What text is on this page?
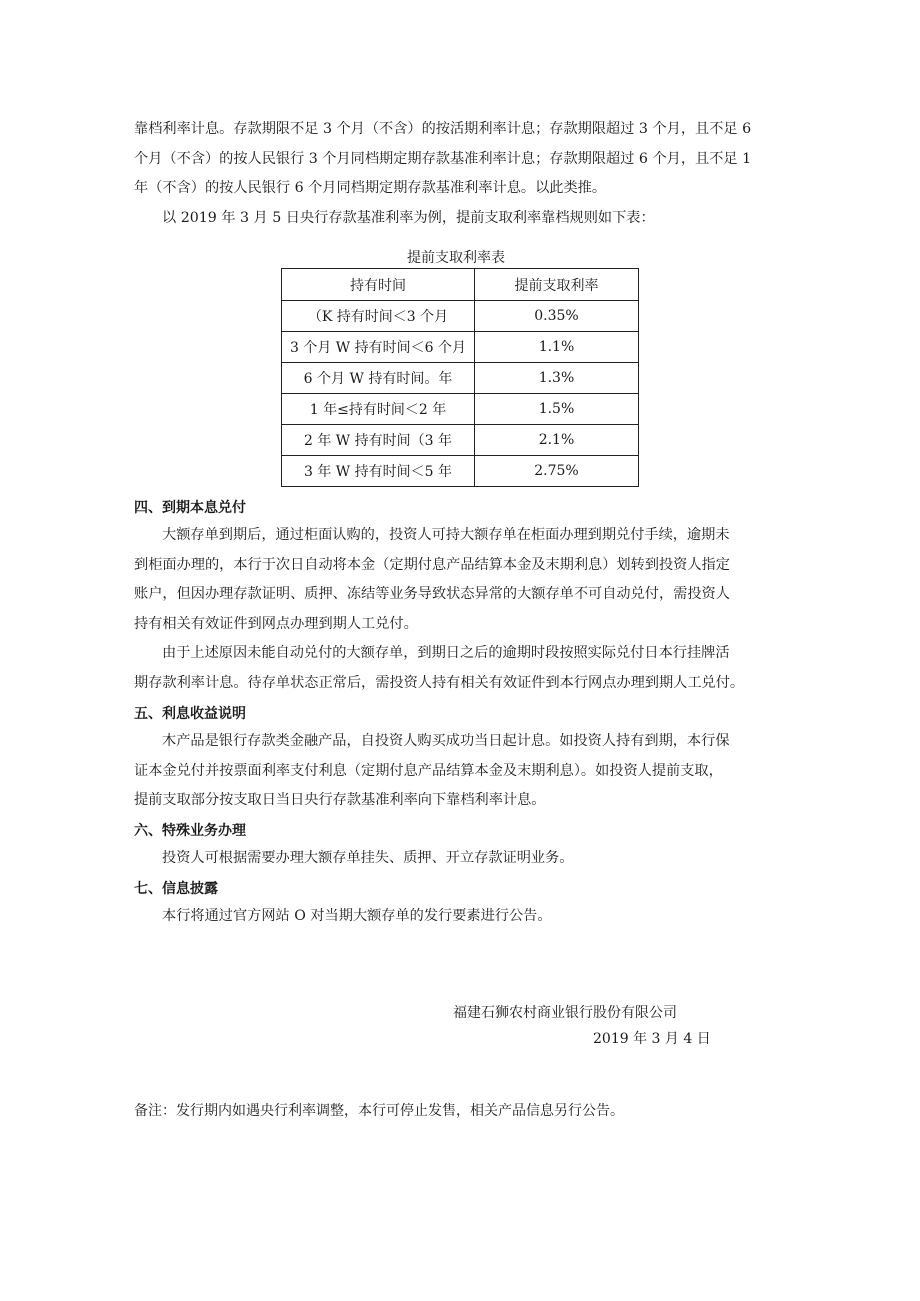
靠档利率计息。存款期限不足 3 个月（不含）的按活期利率计息；存款期限超过 3 个月，且不足 6

个月（不含）的按人民银行 3 个月同档期定期存款基准利率计息；存款期限超过 6 个月，且不足 1

年（不含）的按人民银行 6 个月同档期定期存款基准利率计息。以此类推。

以 2019 年 3 月 5 日央行存款基准利率为例，提前支取利率靠档规则如下表：

提前支取利率表
持有时间	提前支取利率
（K 持有时间＜3 个月	0.35%
3 个月 W 持有时间＜6 个月	1.1%
6 个月 W 持有时间。年	1.3%
1 年≤持有时间＜2 年	1.5%
2 年 W 持有时间（3 年	2.1%
3 年 W 持有时间＜5 年	2.75%
四、到期本息兑付

大额存单到期后，通过柜面认购的，投资人可持大额存单在柜面办理到期兑付手续，逾期未

到柜面办理的，本行于次日自动将本金（定期付息产品结算本金及末期利息）划转到投资人指定

账户，但因办理存款证明、质押、冻结等业务导致状态异常的大额存单不可自动兑付，需投资人

持有相关有效证件到网点办理到期人工兑付。

由于上述原因未能自动兑付的大额存单，到期日之后的逾期时段按照实际兑付日本行挂牌活

期存款利率计息。待存单状态正常后，需投资人持有相关有效证件到本行网点办理到期人工兑付。

五、利息收益说明

木产品是银行存款类金融产品，自投资人购买成功当日起计息。如投资人持有到期，本行保

证本金兑付并按票面利率支付利息（定期付息产品结算本金及末期利息）。如投资人提前支取，

提前支取部分按支取日当日央行存款基准利率向下靠档利率计息。

六、特殊业务办理

投资人可根据需要办理大额存单挂失、质押、开立存款证明业务。

七、信息披露

本行将通过官方网站 O 对当期大额存单的发行要素进行公告。

福建石狮农村商业银行股份有限公司
2019 年 3 月 4 日
备注：发行期内如遇央行利率调整，本行可停止发售，相关产品信息另行公告。
